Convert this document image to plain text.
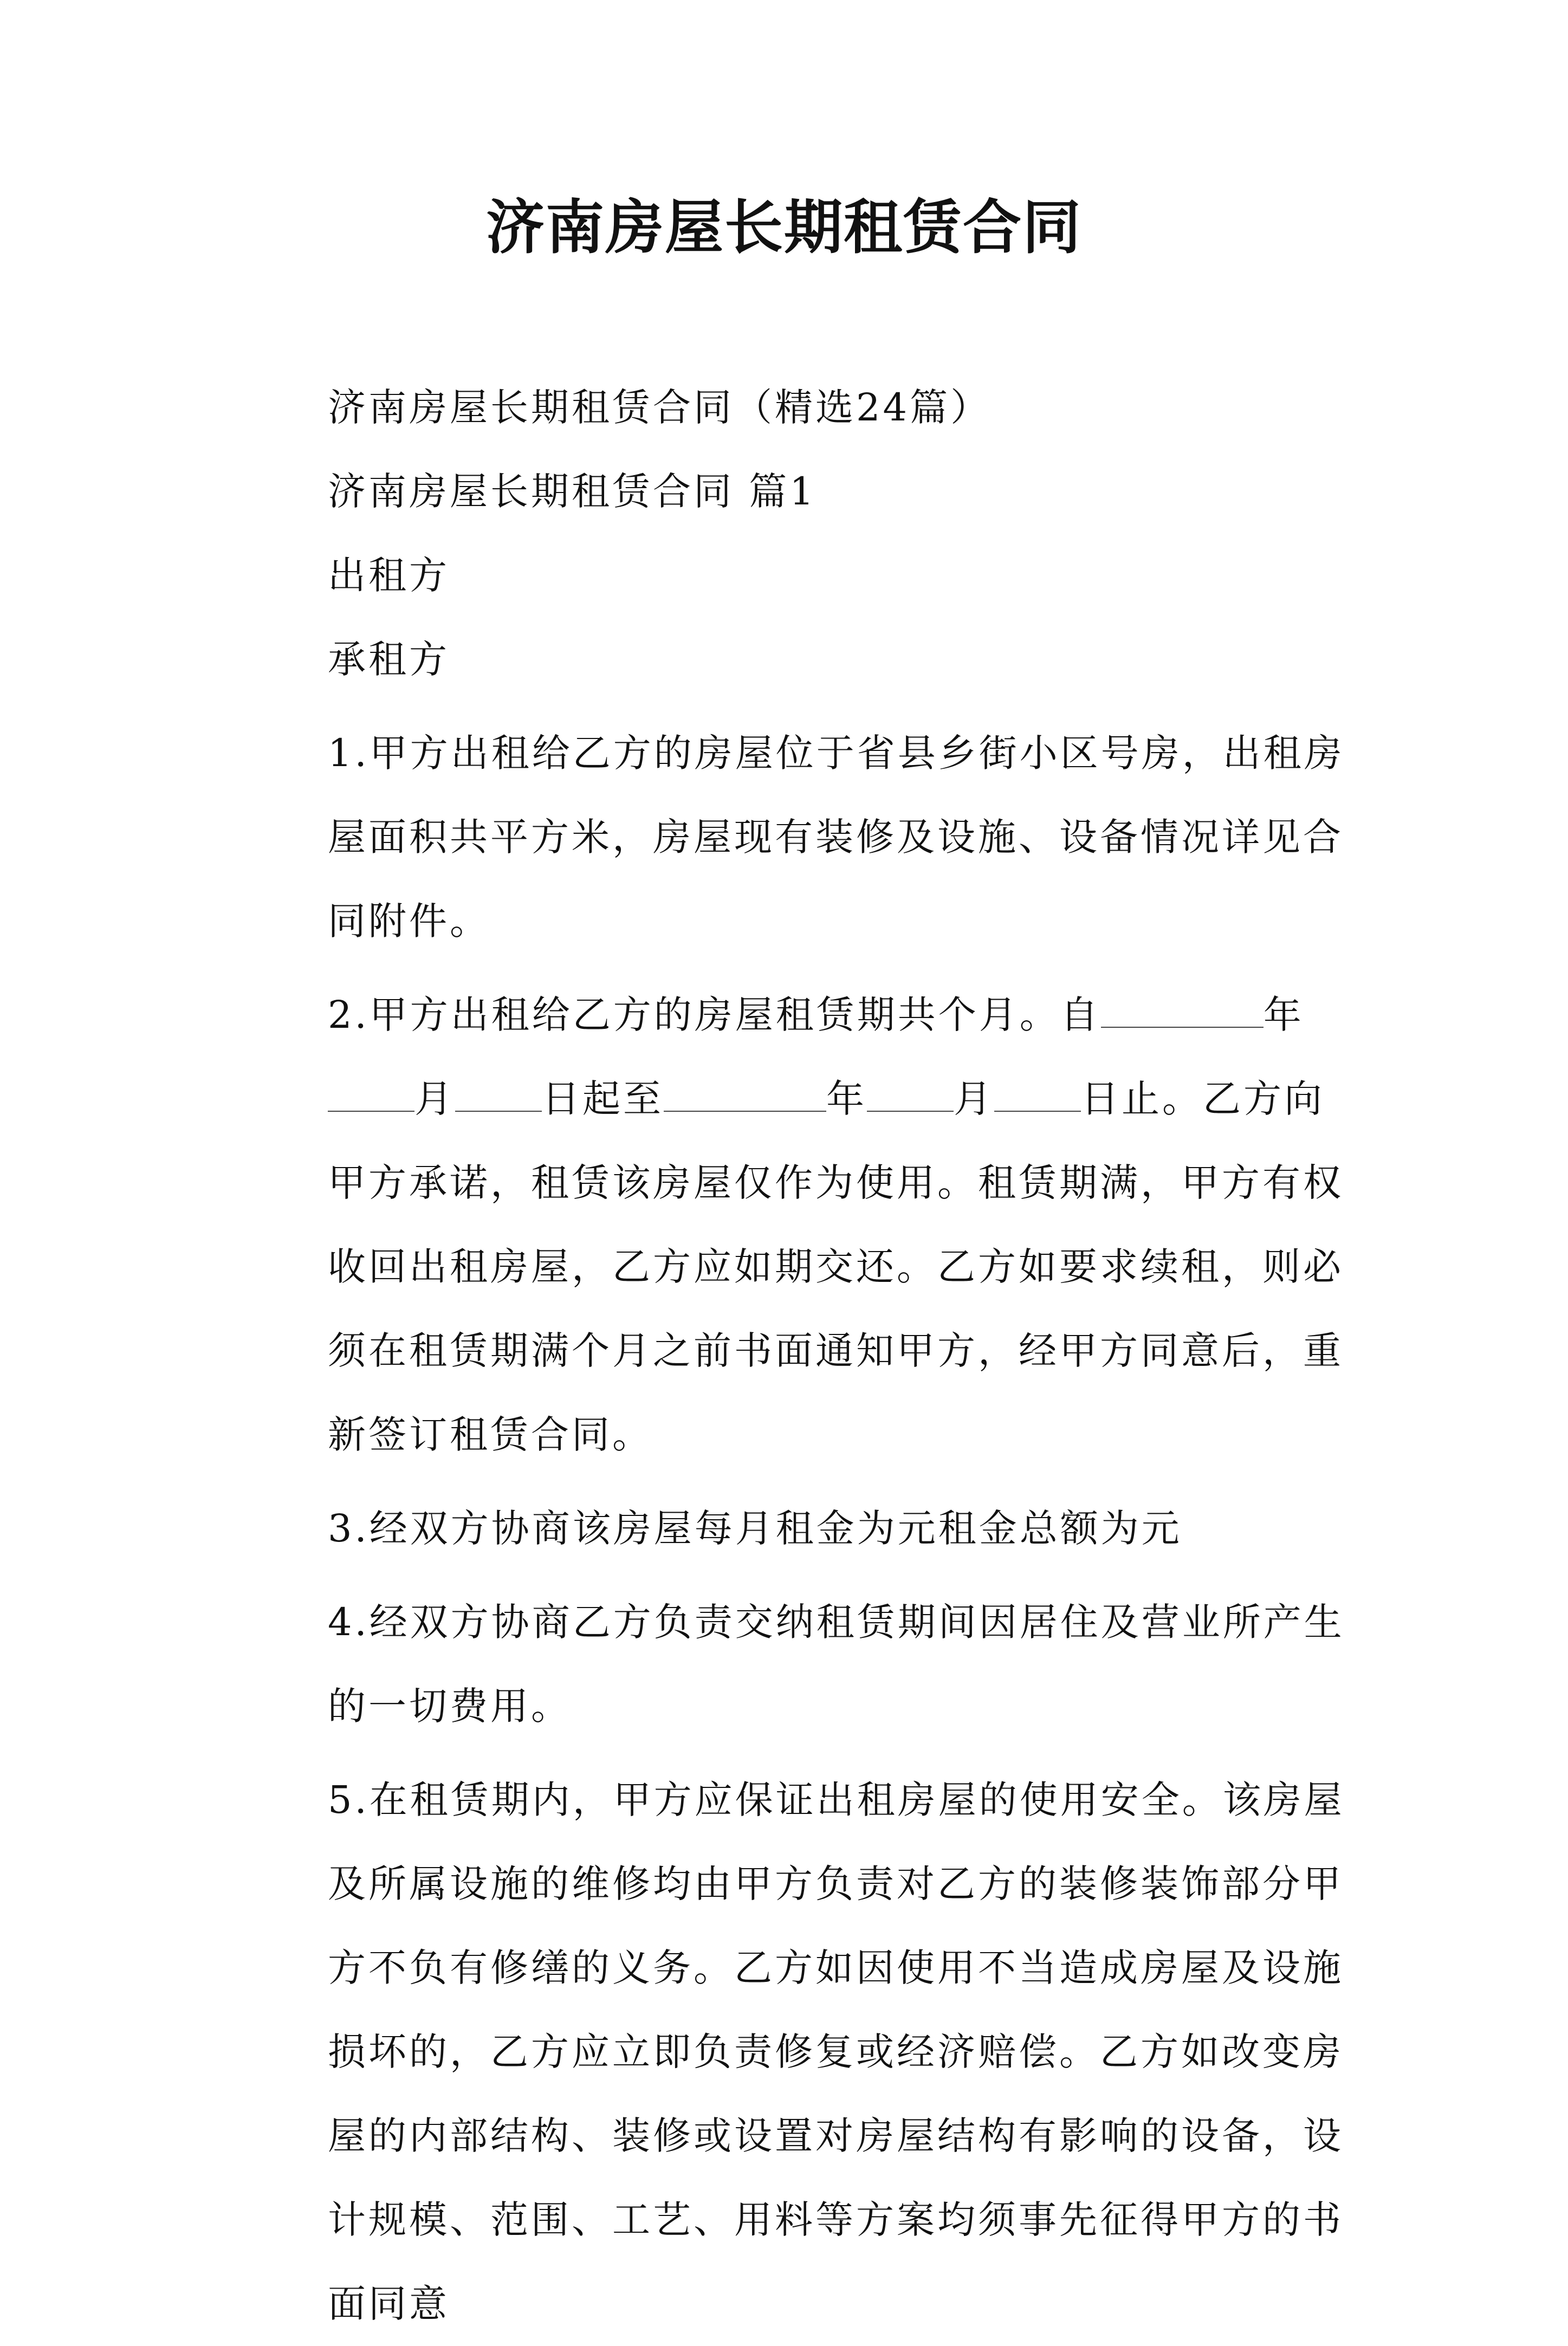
济南房屋长期租赁合同

济南房屋长期租赁合同（精选24篇）

济南房屋长期租赁合同 篇1

出租方

承租方

1.甲方出租给乙方的房屋位于省县乡街小区号房，出租房屋面积共平方米，房屋现有装修及设施、设备情况详见合同附件。

2.甲方出租给乙方的房屋租赁期共个月。自	年月 日起至	年 月 日止。乙方向甲方承诺，租赁该房屋仅作为使用。租赁期满，甲方有权收回出租房屋，乙方应如期交还。乙方如要求续租，则必须在租赁期满个月之前书面通知甲方，经甲方同意后，重新签订租赁合同。

3.经双方协商该房屋每月租金为元租金总额为元

4.经双方协商乙方负责交纳租赁期间因居住及营业所产生的一切费用。

5.在租赁期内，甲方应保证出租房屋的使用安全。该房屋及所属设施的维修均由甲方负责对乙方的装修装饰部分甲方不负有修缮的义务。乙方如因使用不当造成房屋及设施损坏的，乙方应立即负责修复或经济赔偿。乙方如改变房屋的内部结构、装修或设置对房屋结构有影响的设备，设计规模、范围、工艺、用料等方案均须事先征得甲方的书面同意
